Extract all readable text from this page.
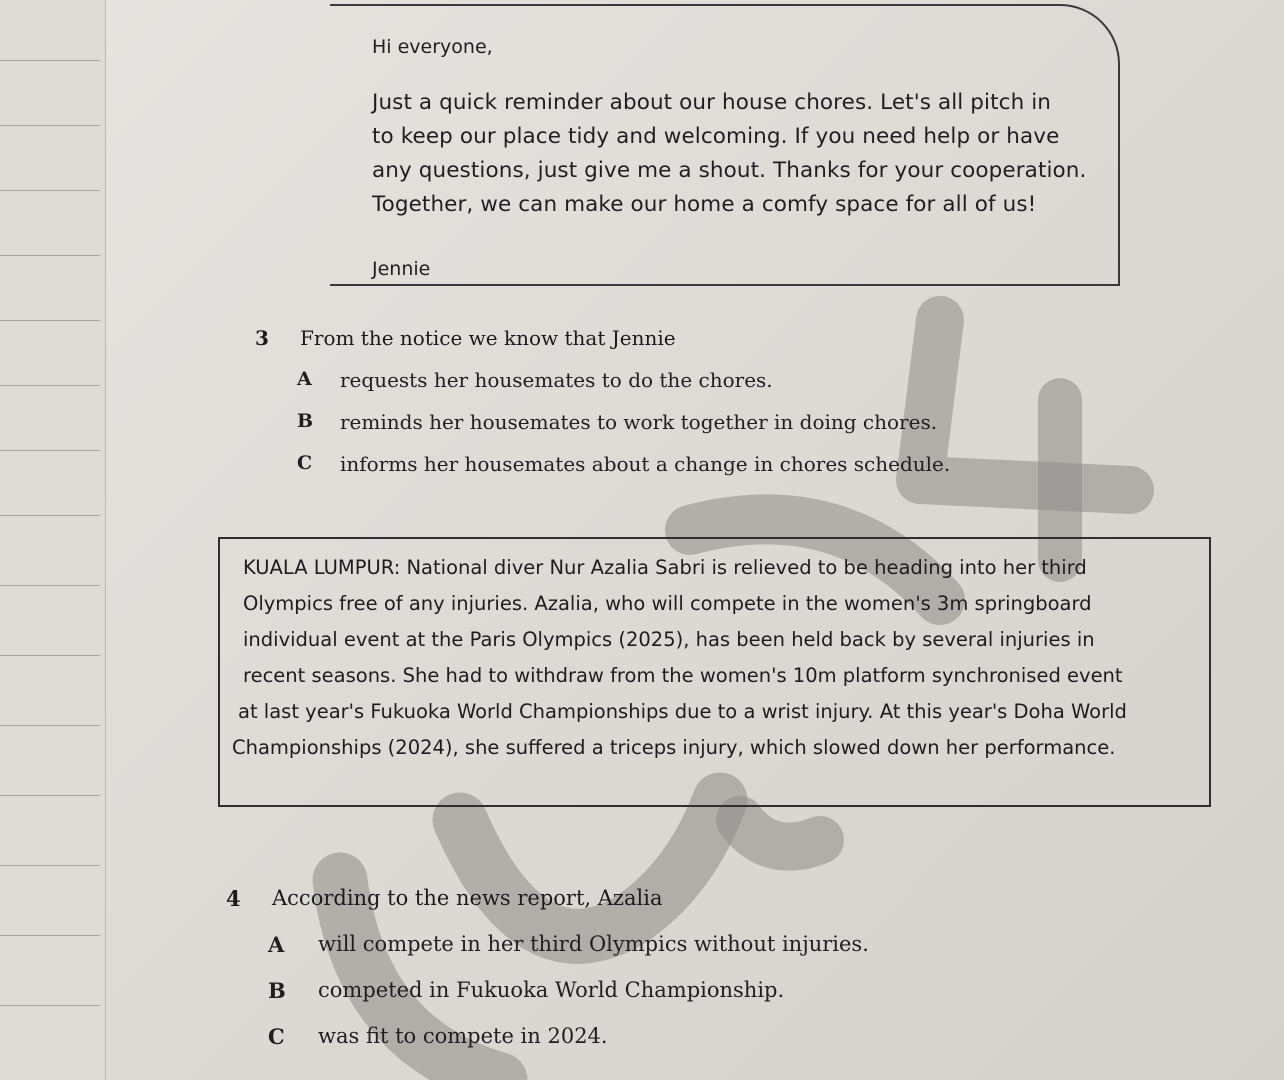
Hi everyone,
Just a quick reminder about our house chores. Let's all pitch in
to keep our place tidy and welcoming. If you need help or have
any questions, just give me a shout. Thanks for your cooperation.
Together, we can make our home a comfy space for all of us!
Jennie
3 From the notice we know that Jennie
A requests her housemates to do the chores.
B reminds her housemates to work together in doing chores.
C informs her housemates about a change in chores schedule.
KUALA LUMPUR: National diver Nur Azalia Sabri is relieved to be heading into her third
Olympics free of any injuries. Azalia, who will compete in the women's 3m springboard
individual event at the Paris Olympics (2025), has been held back by several injuries in
recent seasons. She had to withdraw from the women's 10m platform synchronised event
at last year's Fukuoka World Championships due to a wrist injury. At this year's Doha World
Championships (2024), she suffered a triceps injury, which slowed down her performance.
4 According to the news report, Azalia
A will compete in her third Olympics without injuries.
B competed in Fukuoka World Championship.
C was fit to compete in 2024.
